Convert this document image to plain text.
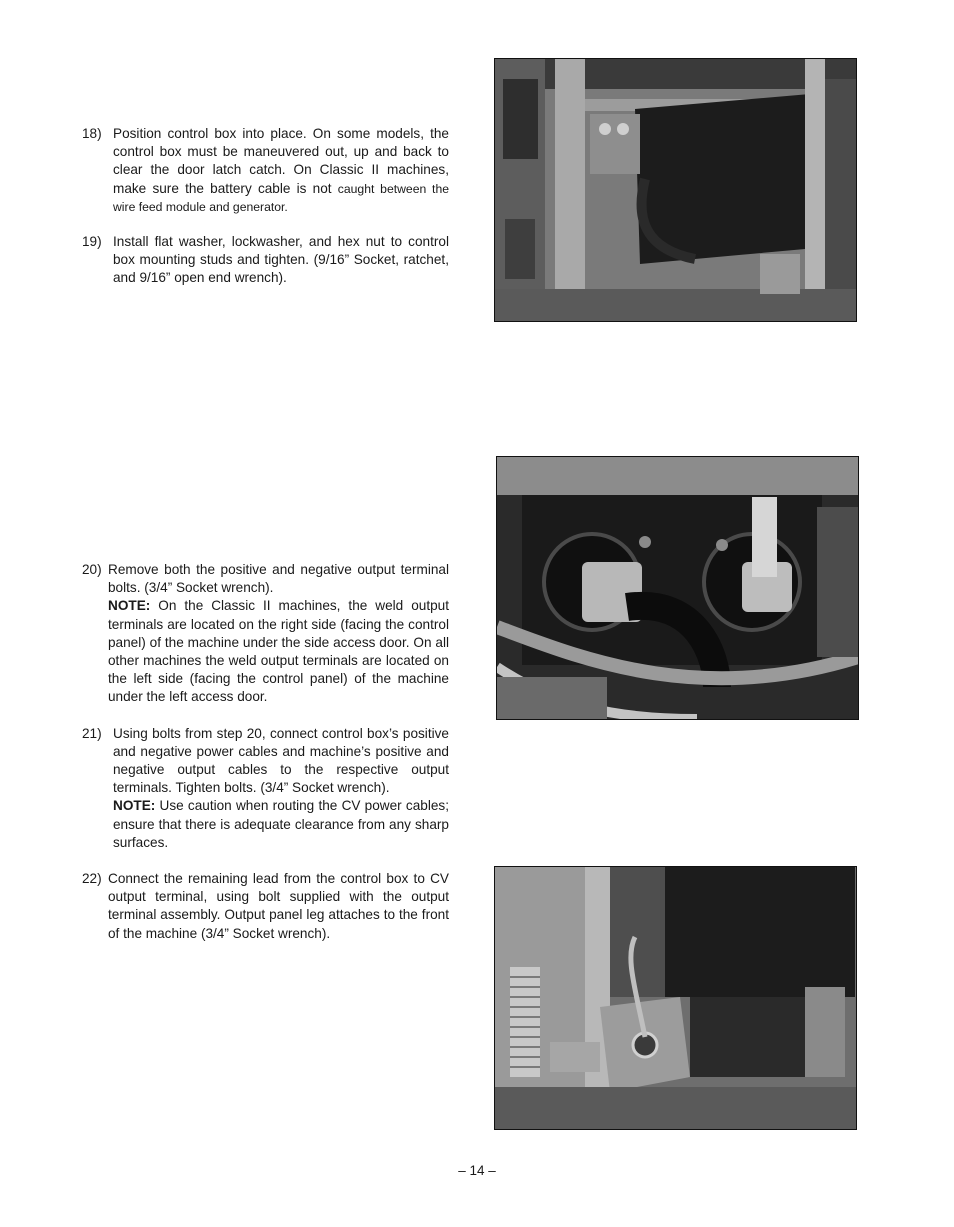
18) Position control box into place. On some models, the control box must be maneuvered out, up and back to clear the door latch catch. On Classic II machines, make sure the battery cable is not caught between the wire feed module and generator.

19) Install flat washer, lockwasher, and hex nut to control box mounting studs and tighten. (9/16” Socket, ratchet, and 9/16” open end wrench).

20) Remove both the positive and negative output terminal bolts. (3/4” Socket wrench).

NOTE: On the Classic II machines, the weld output terminals are located on the right side (facing the control panel) of the machine under the side access door. On all other machines the weld output terminals are located on the left side (facing the control panel) of the machine under the left access door.

21) Using bolts from step 20, connect control box’s positive and negative power cables and machine’s positive and negative output cables to the respective output terminals. Tighten bolts. (3/4” Socket wrench).

NOTE: Use caution when routing the CV power cables; ensure that there is adequate clearance from any sharp surfaces.

22) Connect the remaining lead from the control box to CV output terminal, using bolt supplied with the output terminal assembly. Output panel leg attaches to the front of the machine (3/4” Socket wrench).

– 14 –
